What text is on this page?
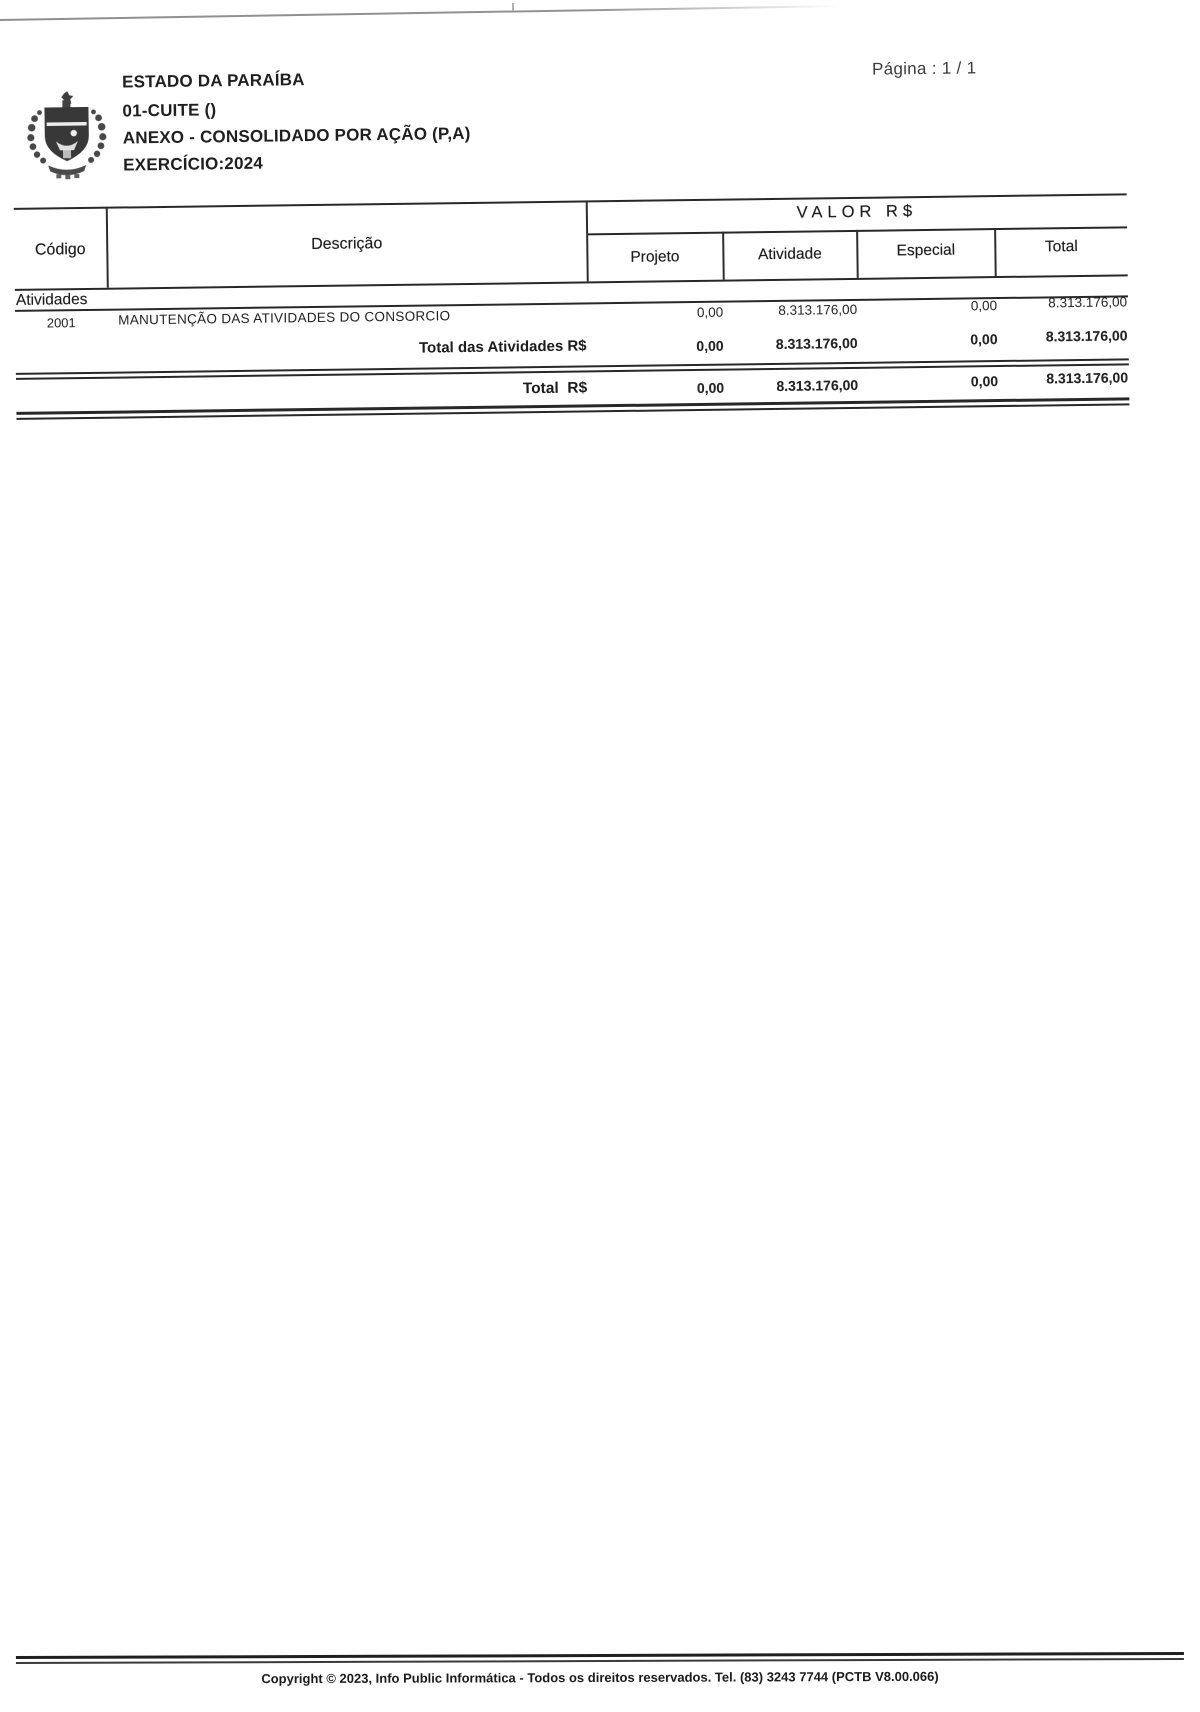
ESTADO DA PARAÍBA
01-CUITE ()
ANEXO - CONSOLIDADO POR AÇÃO (P,A)
EXERCÍCIO:2024
Página : 1 / 1
Código	Descrição
VALOR R$
Projeto	Atividade	Especial	Total
Atividades
2001	MANUTENÇÃO DAS ATIVIDADES DO CONSORCIO	0,00	8.313.176,00	0,00	8.313.176,00
Total das Atividades R$	0,00	8.313.176,00	0,00	8.313.176,00
Total  R$	0,00	8.313.176,00	0,00	8.313.176,00
Copyright © 2023, Info Public Informática - Todos os direitos reservados. Tel. (83) 3243 7744 (PCTB V8.00.066)
